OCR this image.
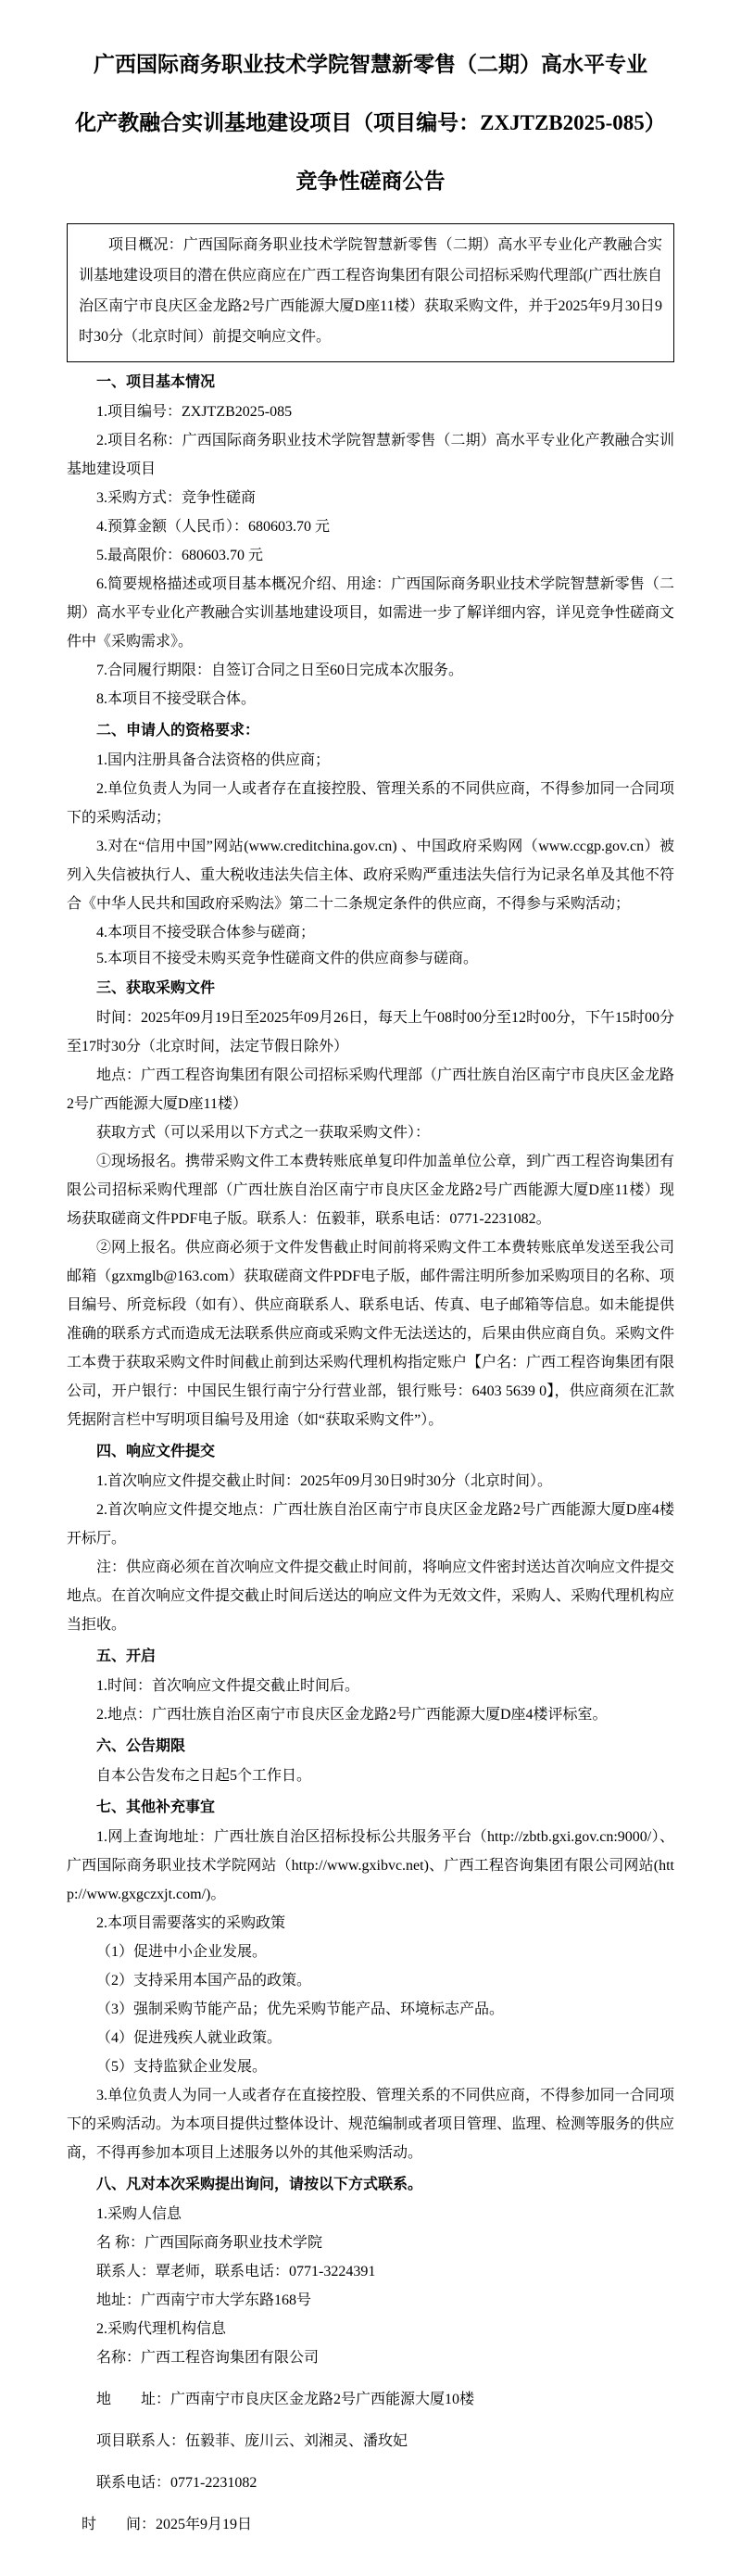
广西国际商务职业技术学院智慧新零售（二期）高水平专业
化产教融合实训基地建设项目（项目编号：ZXJTZB2025-085）
竞争性磋商公告

项目概况：广西国际商务职业技术学院智慧新零售（二期）高水平专业化产教融合实训基地建设项目的潜在供应商应在广西工程咨询集团有限公司招标采购代理部(广西壮族自治区南宁市良庆区金龙路2号广西能源大厦D座11楼）获取采购文件，并于2025年9月30日9时30分（北京时间）前提交响应文件。

一、项目基本情况

1.项目编号：ZXJTZB2025-085

2.项目名称：广西国际商务职业技术学院智慧新零售（二期）高水平专业化产教融合实训基地建设项目

3.采购方式：竞争性磋商

4.预算金额（人民币）：680603.70 元

5.最高限价：680603.70 元

6.简要规格描述或项目基本概况介绍、用途：广西国际商务职业技术学院智慧新零售（二期）高水平专业化产教融合实训基地建设项目，如需进一步了解详细内容，详见竞争性磋商文件中《采购需求》。

7.合同履行期限：自签订合同之日至60日完成本次服务。

8.本项目不接受联合体。

二、申请人的资格要求：

1.国内注册具备合法资格的供应商；

2.单位负责人为同一人或者存在直接控股、管理关系的不同供应商，不得参加同一合同项下的采购活动；

3.对在“信用中国”网站(www.creditchina.gov.cn) 、中国政府采购网（www.ccgp.gov.cn）被列入失信被执行人、重大税收违法失信主体、政府采购严重违法失信行为记录名单及其他不符合《中华人民共和国政府采购法》第二十二条规定条件的供应商，不得参与采购活动；

4.本项目不接受联合体参与磋商；

5.本项目不接受未购买竞争性磋商文件的供应商参与磋商。

三、获取采购文件

时间：2025年09月19日至2025年09月26日，每天上午08时00分至12时00分，下午15时00分至17时30分（北京时间，法定节假日除外）

地点：广西工程咨询集团有限公司招标采购代理部（广西壮族自治区南宁市良庆区金龙路2号广西能源大厦D座11楼）

获取方式（可以采用以下方式之一获取采购文件）：

①现场报名。携带采购文件工本费转账底单复印件加盖单位公章，到广西工程咨询集团有限公司招标采购代理部（广西壮族自治区南宁市良庆区金龙路2号广西能源大厦D座11楼）现场获取磋商文件PDF电子版。联系人：伍毅菲，联系电话：0771-2231082。

②网上报名。供应商必须于文件发售截止时间前将采购文件工本费转账底单发送至我公司邮箱（gzxmglb@163.com）获取磋商文件PDF电子版，邮件需注明所参加采购项目的名称、项目编号、所竞标段（如有）、供应商联系人、联系电话、传真、电子邮箱等信息。如未能提供准确的联系方式而造成无法联系供应商或采购文件无法送达的，后果由供应商自负。采购文件工本费于获取采购文件时间截止前到达采购代理机构指定账户【户名：广西工程咨询集团有限公司，开户银行：中国民生银行南宁分行营业部，银行账号：6403 5639 0】，供应商须在汇款凭据附言栏中写明项目编号及用途（如“获取采购文件”）。

四、响应文件提交

1.首次响应文件提交截止时间：2025年09月30日9时30分（北京时间）。

2.首次响应文件提交地点：广西壮族自治区南宁市良庆区金龙路2号广西能源大厦D座4楼开标厅。

注：供应商必须在首次响应文件提交截止时间前，将响应文件密封送达首次响应文件提交地点。在首次响应文件提交截止时间后送达的响应文件为无效文件，采购人、采购代理机构应当拒收。

五、开启

1.时间：首次响应文件提交截止时间后。

2.地点：广西壮族自治区南宁市良庆区金龙路2号广西能源大厦D座4楼评标室。

六、公告期限

自本公告发布之日起5个工作日。

七、其他补充事宜

1.网上查询地址：广西壮族自治区招标投标公共服务平台（http://zbtb.gxi.gov.cn:9000/）、广西国际商务职业技术学院网站（http://www.gxibvc.net)、广西工程咨询集团有限公司网站(http://www.gxgczxjt.com/)。

2.本项目需要落实的采购政策

（1）促进中小企业发展。

（2）支持采用本国产品的政策。

（3）强制采购节能产品；优先采购节能产品、环境标志产品。

（4）促进残疾人就业政策。

（5）支持监狱企业发展。

3.单位负责人为同一人或者存在直接控股、管理关系的不同供应商，不得参加同一合同项下的采购活动。为本项目提供过整体设计、规范编制或者项目管理、监理、检测等服务的供应商，不得再参加本项目上述服务以外的其他采购活动。

八、凡对本次采购提出询问，请按以下方式联系。

1.采购人信息

名 称：广西国际商务职业技术学院

联系人：覃老师，联系电话：0771-3224391

地址：广西南宁市大学东路168号

2.采购代理机构信息

名称：广西工程咨询集团有限公司

地　　址：广西南宁市良庆区金龙路2号广西能源大厦10楼

项目联系人：伍毅菲、庞川云、刘湘灵、潘玫妃

联系电话：0771-2231082

时　　间：2025年9月19日
